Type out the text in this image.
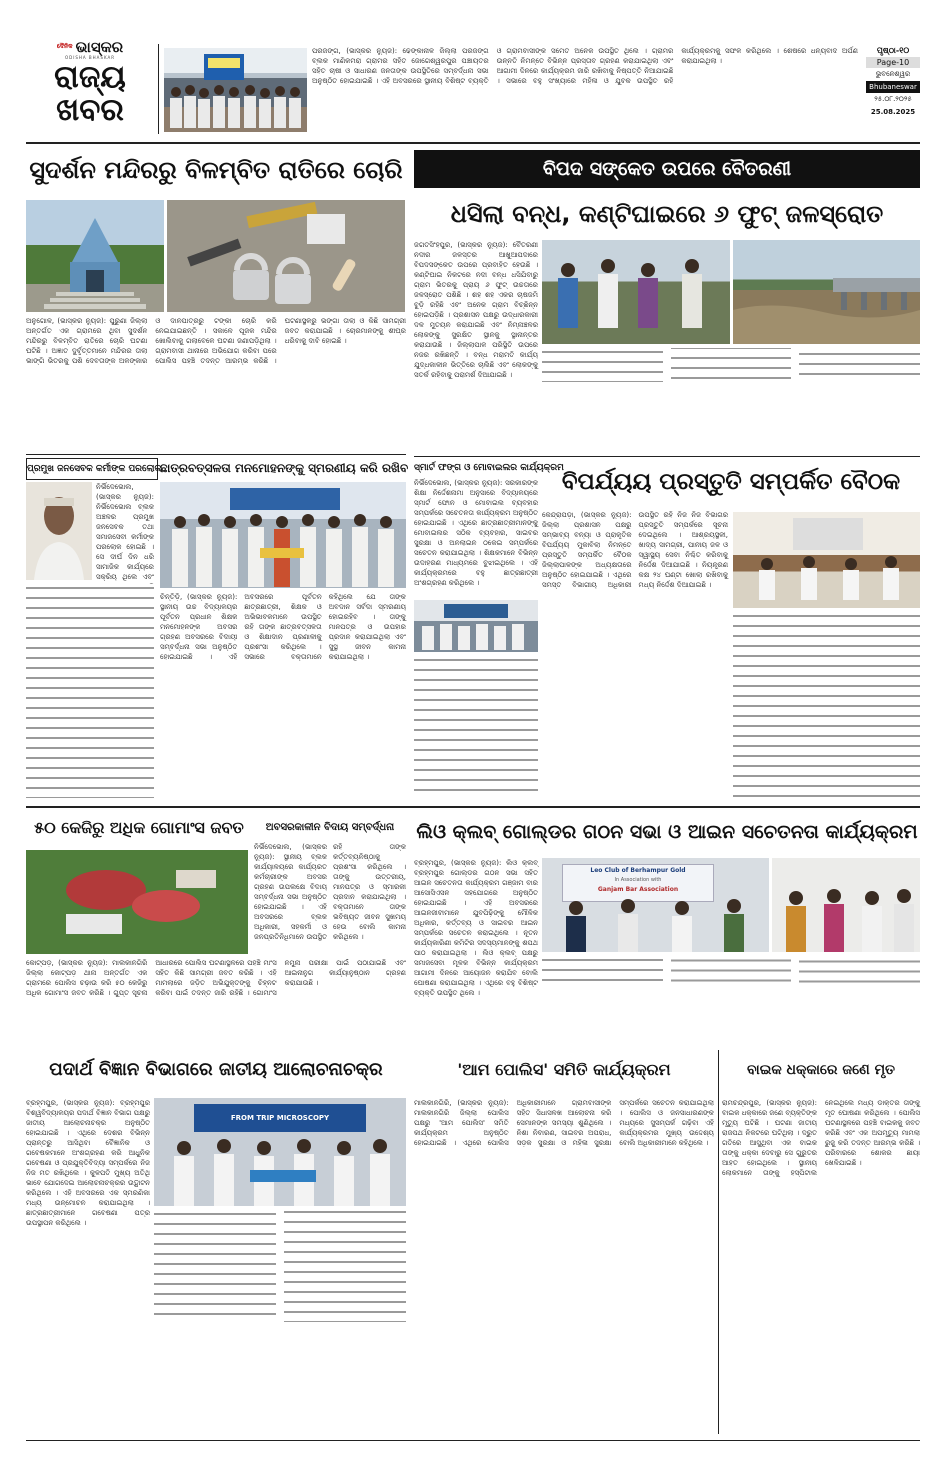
ଦୈନିକ ଭାସ୍କର
ODISHA BHASKAR
ରାଜ୍ୟ
ଖବର
ପରଜଙ୍ଗ, (ଭାସ୍କର ନ୍ୟୁଜ): ଢେଙ୍କାନାଳ ଜିଲ୍ଲା ପରଜଙ୍ଗ ବ୍ଲକ ମାଣିକମରା ଗ୍ରାମର ସହିତ ଜୋଗେଶ୍ୱରପୁର ପଞ୍ଚାୟତର ସହିତ ଚାଷୀ ଓ ସାଧାରଣ ଜନତାଙ୍କ ଉପସ୍ଥିତିରେ ସମ୍ବର୍ଦ୍ଧନା ସଭା ଅନୁଷ୍ଠିତ ହୋଇଯାଇଛି । ଏହି ଅବସରରେ ସ୍ଥାନୀୟ ବିଶିଷ୍ଟ ବ୍ୟକ୍ତି ଓ ଗ୍ରାମବାସୀଙ୍କ ସମେତ ଅନେକ ଉପସ୍ଥିତ ଥିଲେ । ଗ୍ରାମର ଉନ୍ନତି ନିମନ୍ତେ ବିଭିନ୍ନ ପ୍ରସ୍ତାବ ଗ୍ରହଣ କରାଯାଇଥିଲା ଏବଂ ଆଗାମୀ ଦିନରେ କାର୍ଯ୍ୟକ୍ରମ ଜାରି ରଖିବାକୁ ନିଷ୍ପତ୍ତି ନିଆଯାଇଛି । ସଭାରେ ବହୁ ସଂଖ୍ୟାରେ ମହିଳା ଓ ଯୁବକ ଉପସ୍ଥିତ ରହି କାର୍ଯ୍ୟକ୍ରମକୁ ସଫଳ କରିଥିଲେ । ଶେଷରେ ଧନ୍ୟବାଦ ଅର୍ପଣ କରାଯାଇଥିଲା ।
ପୃଷ୍ଠା-୧୦
Page-10
ଭୁବନେଶ୍ୱର
Bhubaneswar
୨୫.୦୮.୨୦୨୫
25.08.2025
ସୁଦର୍ଶନ ମନ୍ଦିରରୁ ବିଳମ୍ବିତ ରାତିରେ ଚୋରି
ଅନୁଗୋଳ, (ଭାସ୍କର ନ୍ୟୁଜ): ପୁରୁଣା ଜିଲ୍ଲା ଅନ୍ତର୍ଗତ ଏକ ଗ୍ରାମରେ ଥିବା ସୁଦର୍ଶନ ମନ୍ଦିରରୁ ବିଳମ୍ବିତ ରାତିରେ ଚୋରି ଘଟଣା ଘଟିଛି । ଅଜ୍ଞାତ ଦୁର୍ବୃତ୍ତମାନେ ମନ୍ଦିରର ତାଲା ଭାଙ୍ଗି ଭିତରକୁ ପଶି ଦେବତାଙ୍କ ଅଳଙ୍କାର ଓ ଦାନପାତ୍ରରୁ ଟଙ୍କା ଚୋରି କରି ନେଇଯାଇଛନ୍ତି । ସକାଳେ ପୂଜକ ମନ୍ଦିର ଖୋଲିବାକୁ ଗଲାବେଳେ ଘଟଣା ଜଣାପଡ଼ିଥିଲା । ଗ୍ରାମବାସୀ ଥାନାରେ ଅଭିଯୋଗ କରିବା ପରେ ପୋଲିସ ପହଞ୍ଚି ତଦନ୍ତ ଆରମ୍ଭ କରିଛି । ଘଟଣାସ୍ଥଳରୁ ଭଙ୍ଗା ତାଲା ଓ କିଛି ସାମଗ୍ରୀ ଜବତ କରାଯାଇଛି । ଚୋରମାନଙ୍କୁ ଶୀଘ୍ର ଧରିବାକୁ ଦାବି ହୋଇଛି ।
ପ୍ରମୁଖ ଜନସେବକ କର୍ମୀଙ୍କ ପରଲୋକ
ନିର୍ଭିଦେଭୋଲ, (ଭାସ୍କର ନ୍ୟୁଜ): ନିର୍ଭିଦେଭୋଲ ବ୍ଲକ ଅଞ୍ଚଳର ପ୍ରମୁଖ ଜନସେବକ ତଥା ସମାଜସେବୀ କର୍ମୀଙ୍କ ପରଲୋକ ହୋଇଛି । ସେ ଦୀର୍ଘ ଦିନ ଧରି ସାମାଜିକ କାର୍ଯ୍ୟରେ ସକ୍ରିୟ ଥିଲେ ଏବଂ
ଛାତ୍ରବତ୍ସଳତା ମନମୋହନଙ୍କୁ ସ୍ମରଣୀୟ କରି ରଖିବ
ଚିନ୍ତିଡ଼ି, (ଭାସ୍କର ନ୍ୟୁଜ): ସ୍ଥାନୀୟ ଉଚ୍ଚ ବିଦ୍ୟାଳୟର ପୂର୍ବତନ ପ୍ରଧାନ ଶିକ୍ଷକ ମନମୋହନଙ୍କ ଅବସର ଗ୍ରହଣ ଅବସରରେ ବିଦାୟୀ ସମ୍ବର୍ଦ୍ଧନା ସଭା ଅନୁଷ୍ଠିତ ହୋଇଯାଇଛି । ଏହି ଅବସରରେ ପୂର୍ବତନ ଛାତ୍ରଛାତ୍ରୀ, ଶିକ୍ଷକ ଓ ଅଭିଭାବକମାନେ ଉପସ୍ଥିତ ରହି ତାଙ୍କ ଛାତ୍ରବତ୍ସଳତା ଓ ଶିକ୍ଷାଦାନ ପ୍ରଣାଳୀକୁ ପ୍ରଶଂସା କରିଥିଲେ । ସଭାରେ ବକ୍ତାମାନେ କହିଥିଲେ ଯେ ତାଙ୍କ ଅବଦାନ ସର୍ବଦା ସ୍ମରଣୀୟ ହୋଇରହିବ । ତାଙ୍କୁ ମାନପତ୍ର ଓ ଉପହାର ପ୍ରଦାନ କରାଯାଇଥିଲା ଏବଂ ସୁସ୍ଥ ଜୀବନ କାମନା କରାଯାଇଥିଲା ।
ବିପଦ ସଙ୍କେତ ଉପରେ ବୈତରଣୀ
ଧସିଲା ବନ୍ଧ, କଣ୍ଟିଘାଇରେ ୬ ଫୁଟ୍ ଜଳସ୍ରୋତ
ଜଗତସିଂହପୁର, (ଭାସ୍କର ନ୍ୟୁଜ): ବୈତରଣୀ ନଦୀର ଜଳସ୍ତର ଆଖୁଆପଦାରେ ବିପଦସଙ୍କେତ ଉପରେ ପ୍ରବାହିତ ହେଉଛି । କଣ୍ଟିଘାଇ ନିକଟରେ ନଦୀ ବନ୍ଧ ଧସିଯିବାରୁ ଗ୍ରାମ ଭିତରକୁ ପ୍ରାୟ ୬ ଫୁଟ୍ ଉଚ୍ଚତାରେ ଜଳସ୍ରୋତ ପଶିଛି । ଶହ ଶହ ଏକର ଚାଷଜମି ବୁଡ଼ି ରହିଛି ଏବଂ ଅନେକ ଗ୍ରାମ ବିଚ୍ଛିନ୍ନ ହୋଇପଡ଼ିଛି । ପ୍ରଶାସନ ପକ୍ଷରୁ ଉଦ୍ଧାରକାରୀ ଦଳ ମୁତୟନ କରାଯାଇଛି ଏବଂ ନିମ୍ନାଞ୍ଚଳର ଲୋକଙ୍କୁ ସୁରକ୍ଷିତ ସ୍ଥାନକୁ ସ୍ଥାନାନ୍ତର କରାଯାଉଛି । ଜିଲ୍ଲାପାଳ ପରିସ୍ଥିତି ଉପରେ ନଜର ରଖିଛନ୍ତି । ବନ୍ଧ ମରାମତି କାର୍ଯ୍ୟ ଯୁଦ୍ଧକାଳୀନ ଭିତ୍ତିରେ ଚାଲିଛି ଏବଂ ଲୋକଙ୍କୁ ସତର୍କ ରହିବାକୁ ପରାମର୍ଶ ଦିଆଯାଇଛି ।
ସ୍ମାର୍ଟ ଫଙ୍ଗ ଓ ମୋବାଇଲର କାର୍ଯ୍ୟକ୍ରମ
ନିର୍ଭିଦେଭୋଲ, (ଭାସ୍କର ନ୍ୟୁଜ): ସରକାରଙ୍କ ଶିକ୍ଷା ନିର୍ଦ୍ଦେଶନାମା ଅନୁସାରେ ବିଦ୍ୟାଳୟରେ ସ୍ମାର୍ଟ ଫୋନ ଓ ମୋବାଇଲ ବ୍ୟବହାର ସମ୍ପର୍କରେ ସଚେତନତା କାର୍ଯ୍ୟକ୍ରମ ଅନୁଷ୍ଠିତ ହୋଇଯାଇଛି । ଏଥିରେ ଛାତ୍ରଛାତ୍ରୀମାନଙ୍କୁ ମୋବାଇଲର ସଠିକ ବ୍ୟବହାର, ସାଇବର ସୁରକ୍ଷା ଓ ଅନଲାଇନ ଠକେଇ ସମ୍ପର୍କରେ ସଚେତନ କରାଯାଇଥିଲା । ଶିକ୍ଷକମାନେ ବିଭିନ୍ନ ଉଦାହରଣ ମାଧ୍ୟମରେ ବୁଝାଇଥିଲେ । ଏହି କାର୍ଯ୍ୟକ୍ରମରେ ବହୁ ଛାତ୍ରଛାତ୍ରୀ ଅଂଶଗ୍ରହଣ କରିଥିଲେ ।
ବିପର୍ଯ୍ୟୟ ପ୍ରସ୍ତୁତି ସମ୍ପର୍କିତ ବୈଠକ
କେନ୍ଦ୍ରାପଡ଼ା, (ଭାସ୍କର ନ୍ୟୁଜ): ଜିଲ୍ଲା ପ୍ରଶାସନ ପକ୍ଷରୁ ସମ୍ଭାବ୍ୟ ବନ୍ୟା ଓ ପ୍ରାକୃତିକ ବିପର୍ଯ୍ୟୟ ମୁକାବିଲା ନିମନ୍ତେ ପ୍ରସ୍ତୁତି ସମ୍ପର୍କିତ ବୈଠକ ଜିଲ୍ଲାପାଳଙ୍କ ଅଧ୍ୟକ୍ଷତାରେ ଅନୁଷ୍ଠିତ ହୋଇଯାଇଛି । ଏଥିରେ ସମସ୍ତ ବିଭାଗୀୟ ଅଧିକାରୀ ଉପସ୍ଥିତ ରହି ନିଜ ନିଜ ବିଭାଗର ପ୍ରସ୍ତୁତି ସମ୍ପର୍କରେ ସୂଚନା ଦେଇଥିଲେ । ଆଶ୍ରୟସ୍ଥଳୀ, ଖାଦ୍ୟ ସାମଗ୍ରୀ, ପାନୀୟ ଜଳ ଓ ସ୍ୱାସ୍ଥ୍ୟ ସେବା ନିଶ୍ଚିତ କରିବାକୁ ନିର୍ଦ୍ଦେଶ ଦିଆଯାଇଛି । ନିୟନ୍ତ୍ରଣ କକ୍ଷ ୨୪ ଘଣ୍ଟା ଖୋଲା ରଖିବାକୁ ମଧ୍ୟ ନିର୍ଦ୍ଦେଶ ଦିଆଯାଇଛି ।
୫୦ କେଜିରୁ ଅଧିକ ଗୋମାଂସ ଜବତ
କୋଟ୍ପଡ଼, (ଭାସ୍କର ନ୍ୟୁଜ): ମାଲକାନଗିରି ଜିଲ୍ଲା କୋଟ୍ପଡ଼ ଥାନା ଅନ୍ତର୍ଗତ ଏକ ଗ୍ରାମରେ ପୋଲିସ ଚଢ଼ାଉ କରି ୫୦ କେଜିରୁ ଅଧିକ ଗୋମାଂସ ଜବତ କରିଛି । ଗୁପ୍ତ ସୂଚନା ଆଧାରରେ ପୋଲିସ ଘଟଣାସ୍ଥଳରେ ପହଞ୍ଚି ମାଂସ ସହିତ କିଛି ସାମଗ୍ରୀ ଜବତ କରିଛି । ଏହି ମାମଲାରେ ଜଡ଼ିତ ଅଭିଯୁକ୍ତଙ୍କୁ ଚିହ୍ନଟ କରିବା ପାଇଁ ତଦନ୍ତ ଜାରି ରହିଛି । ଗୋମାଂସ ନମୁନା ପରୀକ୍ଷା ପାଇଁ ପଠାଯାଇଛି ଏବଂ ଆଇନାନୁଗ କାର୍ଯ୍ୟାନୁଷ୍ଠାନ ଗ୍ରହଣ କରାଯାଉଛି ।
ଅବସରକାଳୀନ ବିଦାୟ ସମ୍ବର୍ଦ୍ଧନା
ନିର୍ଭିଦେଭୋଲ, (ଭାସ୍କର ନ୍ୟୁଜ): ସ୍ଥାନୀୟ ବ୍ଲକ କାର୍ଯ୍ୟାଳୟରେ କାର୍ଯ୍ୟରତ କର୍ମଚାରୀଙ୍କ ଅବସର ଗ୍ରହଣ ଉପଲକ୍ଷେ ବିଦାୟ ସମ୍ବର୍ଦ୍ଧନା ସଭା ଅନୁଷ୍ଠିତ ହୋଇଯାଇଛି । ଏହି ଅବସରରେ ବ୍ଲକ ଅଧିକାରୀ, ସହକର୍ମୀ ଓ ଜନପ୍ରତିନିଧିମାନେ ଉପସ୍ଥିତ ରହି ତାଙ୍କ କର୍ତ୍ତବ୍ୟନିଷ୍ଠାକୁ ପ୍ରଶଂସା କରିଥିଲେ । ତାଙ୍କୁ ଉତ୍ତରୀୟ, ମାନପତ୍ର ଓ ସ୍ମାରକୀ ପ୍ରଦାନ କରାଯାଇଥିଲା । ବକ୍ତାମାନେ ତାଙ୍କ ଭବିଷ୍ୟତ ଜୀବନ ସୁଖମୟ ହେଉ ବୋଲି କାମନା କରିଥିଲେ ।
ଲିଓ କ୍ଲବ୍ ଗୋଲ୍ଡର ଗଠନ ସଭା ଓ ଆଇନ ସଚେତନତା କାର୍ଯ୍ୟକ୍ରମ
ବ୍ରହ୍ମପୁର, (ଭାସ୍କର ନ୍ୟୁଜ): ଲିଓ କ୍ଲବ୍ ବ୍ରହ୍ମପୁର ଗୋଲ୍ଡର ଗଠନ ସଭା ସହିତ ଆଇନ ସଚେତନତା କାର୍ଯ୍ୟକ୍ରମ ଗଞ୍ଜାମ ବାର ଆସୋସିଏସନ ସହଯୋଗରେ ଅନୁଷ୍ଠିତ ହୋଇଯାଇଛି । ଏହି ଅବସରରେ ଆଇନଜୀବୀମାନେ ଯୁବପିଢ଼ିଙ୍କୁ ମୌଳିକ ଅଧିକାର, କର୍ତ୍ତବ୍ୟ ଓ ସାଇବର ଆଇନ ସମ୍ପର୍କରେ ସଚେତନ କରାଇଥିଲେ । ନୂତନ କାର୍ଯ୍ୟକାରିଣୀ କମିଟିର ସଦସ୍ୟମାନଙ୍କୁ ଶପଥ ପାଠ କରାଯାଇଥିଲା । ଲିଓ କ୍ଲବ୍ ପକ୍ଷରୁ ସମାଜସେବା ମୂଳକ ବିଭିନ୍ନ କାର୍ଯ୍ୟକ୍ରମ ଆଗାମୀ ଦିନରେ ଆୟୋଜନ କରାଯିବ ବୋଲି ଘୋଷଣା କରାଯାଇଥିଲା । ଏଥିରେ ବହୁ ବିଶିଷ୍ଟ ବ୍ୟକ୍ତି ଉପସ୍ଥିତ ଥିଲେ ।
Leo Club of Berhampur Gold
In Association with
Ganjam Bar Association
ପଦାର୍ଥ ବିଜ୍ଞାନ ବିଭାଗରେ ଜାତୀୟ ଆଲୋଚନାଚକ୍ର
ବ୍ରହ୍ମପୁର, (ଭାସ୍କର ନ୍ୟୁଜ): ବ୍ରହ୍ମପୁର ବିଶ୍ୱବିଦ୍ୟାଳୟର ପଦାର୍ଥ ବିଜ୍ଞାନ ବିଭାଗ ପକ୍ଷରୁ ଜାତୀୟ ଆଲୋଚନାଚକ୍ର ଅନୁଷ୍ଠିତ ହୋଇଯାଇଛି । ଏଥିରେ ଦେଶର ବିଭିନ୍ନ ପ୍ରାନ୍ତରୁ ଆସିଥିବା ବୈଜ୍ଞାନିକ ଓ ଗବେଷକମାନେ ଅଂଶଗ୍ରହଣ କରି ଆଧୁନିକ ଗବେଷଣା ଓ ପ୍ରଯୁକ୍ତିବିଦ୍ୟା ସମ୍ପର୍କରେ ନିଜ ନିଜ ମତ ରଖିଥିଲେ । କୁଳପତି ମୁଖ୍ୟ ଅତିଥି ଭାବେ ଯୋଗଦେଇ ଆଲୋଚନାଚକ୍ରର ଉଦ୍ଘାଟନ କରିଥିଲେ । ଏହି ଅବସରରେ ଏକ ସ୍ମରଣିକା ମଧ୍ୟ ଉନ୍ମୋଚନ କରାଯାଇଥିଲା । ଛାତ୍ରଛାତ୍ରୀମାନେ ଗବେଷଣା ପତ୍ର ଉପସ୍ଥାପନ କରିଥିଲେ ।
FROM TRIP MICROSCOPY
'ଆମ ପୋଲିସ' ସମିତି କାର୍ଯ୍ୟକ୍ରମ
ମାଲକାନଗିରି, (ଭାସ୍କର ନ୍ୟୁଜ): ମାଲକାନଗିରି ଜିଲ୍ଲା ପୋଲିସ ପକ୍ଷରୁ 'ଆମ ପୋଲିସ' ସମିତି କାର୍ଯ୍ୟକ୍ରମ ଅନୁଷ୍ଠିତ ହୋଇଯାଇଛି । ଏଥିରେ ପୋଲିସ ଅଧିକାରୀମାନେ ଗ୍ରାମବାସୀଙ୍କ ସହିତ ସିଧାସଳଖ ଆଲୋଚନା କରି ସେମାନଙ୍କ ସମସ୍ୟା ଶୁଣିଥିଲେ । ନିଶା ନିବାରଣ, ସାଇବର ଅପରାଧ, ସଡ଼କ ସୁରକ୍ଷା ଓ ମହିଳା ସୁରକ୍ଷା ସମ୍ପର୍କରେ ସଚେତନ କରାଯାଇଥିଲା । ପୋଲିସ ଓ ଜନସାଧାରଣଙ୍କ ମଧ୍ୟରେ ସୁସମ୍ପର୍କ ଗଢ଼ିବା ଏହି କାର୍ଯ୍ୟକ୍ରମର ମୁଖ୍ୟ ଉଦ୍ଦେଶ୍ୟ ବୋଲି ଅଧିକାରୀମାନେ କହିଥିଲେ ।
ବାଇକ ଧକ୍କାରେ ଜଣେ ମୃତ
ରାମଚନ୍ଦ୍ରପୁର, (ଭାସ୍କର ନ୍ୟୁଜ): ବାଇକ ଧକ୍କାରେ ଜଣେ ବ୍ୟକ୍ତିଙ୍କ ମୃତ୍ୟୁ ଘଟିଛି । ଘଟଣା ଜାତୀୟ ରାଜପଥ ନିକଟରେ ଘଟିଥିଲା । ଦ୍ରୁତ ଗତିରେ ଆସୁଥିବା ଏକ ବାଇକ ତାଙ୍କୁ ଧକ୍କା ଦେବାରୁ ସେ ଗୁରୁତର ଆହତ ହୋଇଥିଲେ । ସ୍ଥାନୀୟ ଲୋକମାନେ ତାଙ୍କୁ ହସ୍ପିଟାଲ ନେଇଥିଲେ ମଧ୍ୟ ଡାକ୍ତର ତାଙ୍କୁ ମୃତ ଘୋଷଣା କରିଥିଲେ । ପୋଲିସ ଘଟଣାସ୍ଥଳରେ ପହଞ୍ଚି ବାଇକକୁ ଜବତ କରିଛି ଏବଂ ଏକ ଅପମୃତ୍ୟୁ ମାମଲା ରୁଜୁ କରି ତଦନ୍ତ ଆରମ୍ଭ କରିଛି । ପରିବାରରେ ଶୋକର ଛାୟା ଖେଳିଯାଇଛି ।
